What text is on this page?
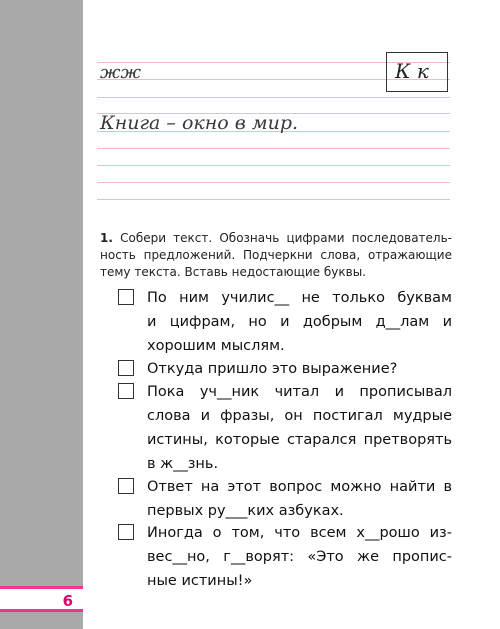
6
жж	К к
Книга – окно в мир.
1. Собери текст. Обозначь цифрами последователь-
ность предложений. Подчеркни слова, отражающие
тему текста. Вставь недостающие буквы.
По ним училис__ не только буквам
и цифрам, но и добрым д__лам и
хорошим мыслям.
Откуда пришло это выражение?
Пока уч__ник читал и прописывал
слова и фразы, он постигал мудрые
истины, которые старался претворять
в ж__знь.
Ответ на этот вопрос можно найти в
первых ру___ких азбуках.
Иногда о том, что всем х__рошо из-
вес__но, г__ворят: «Это же пропис-
ные истины!»
